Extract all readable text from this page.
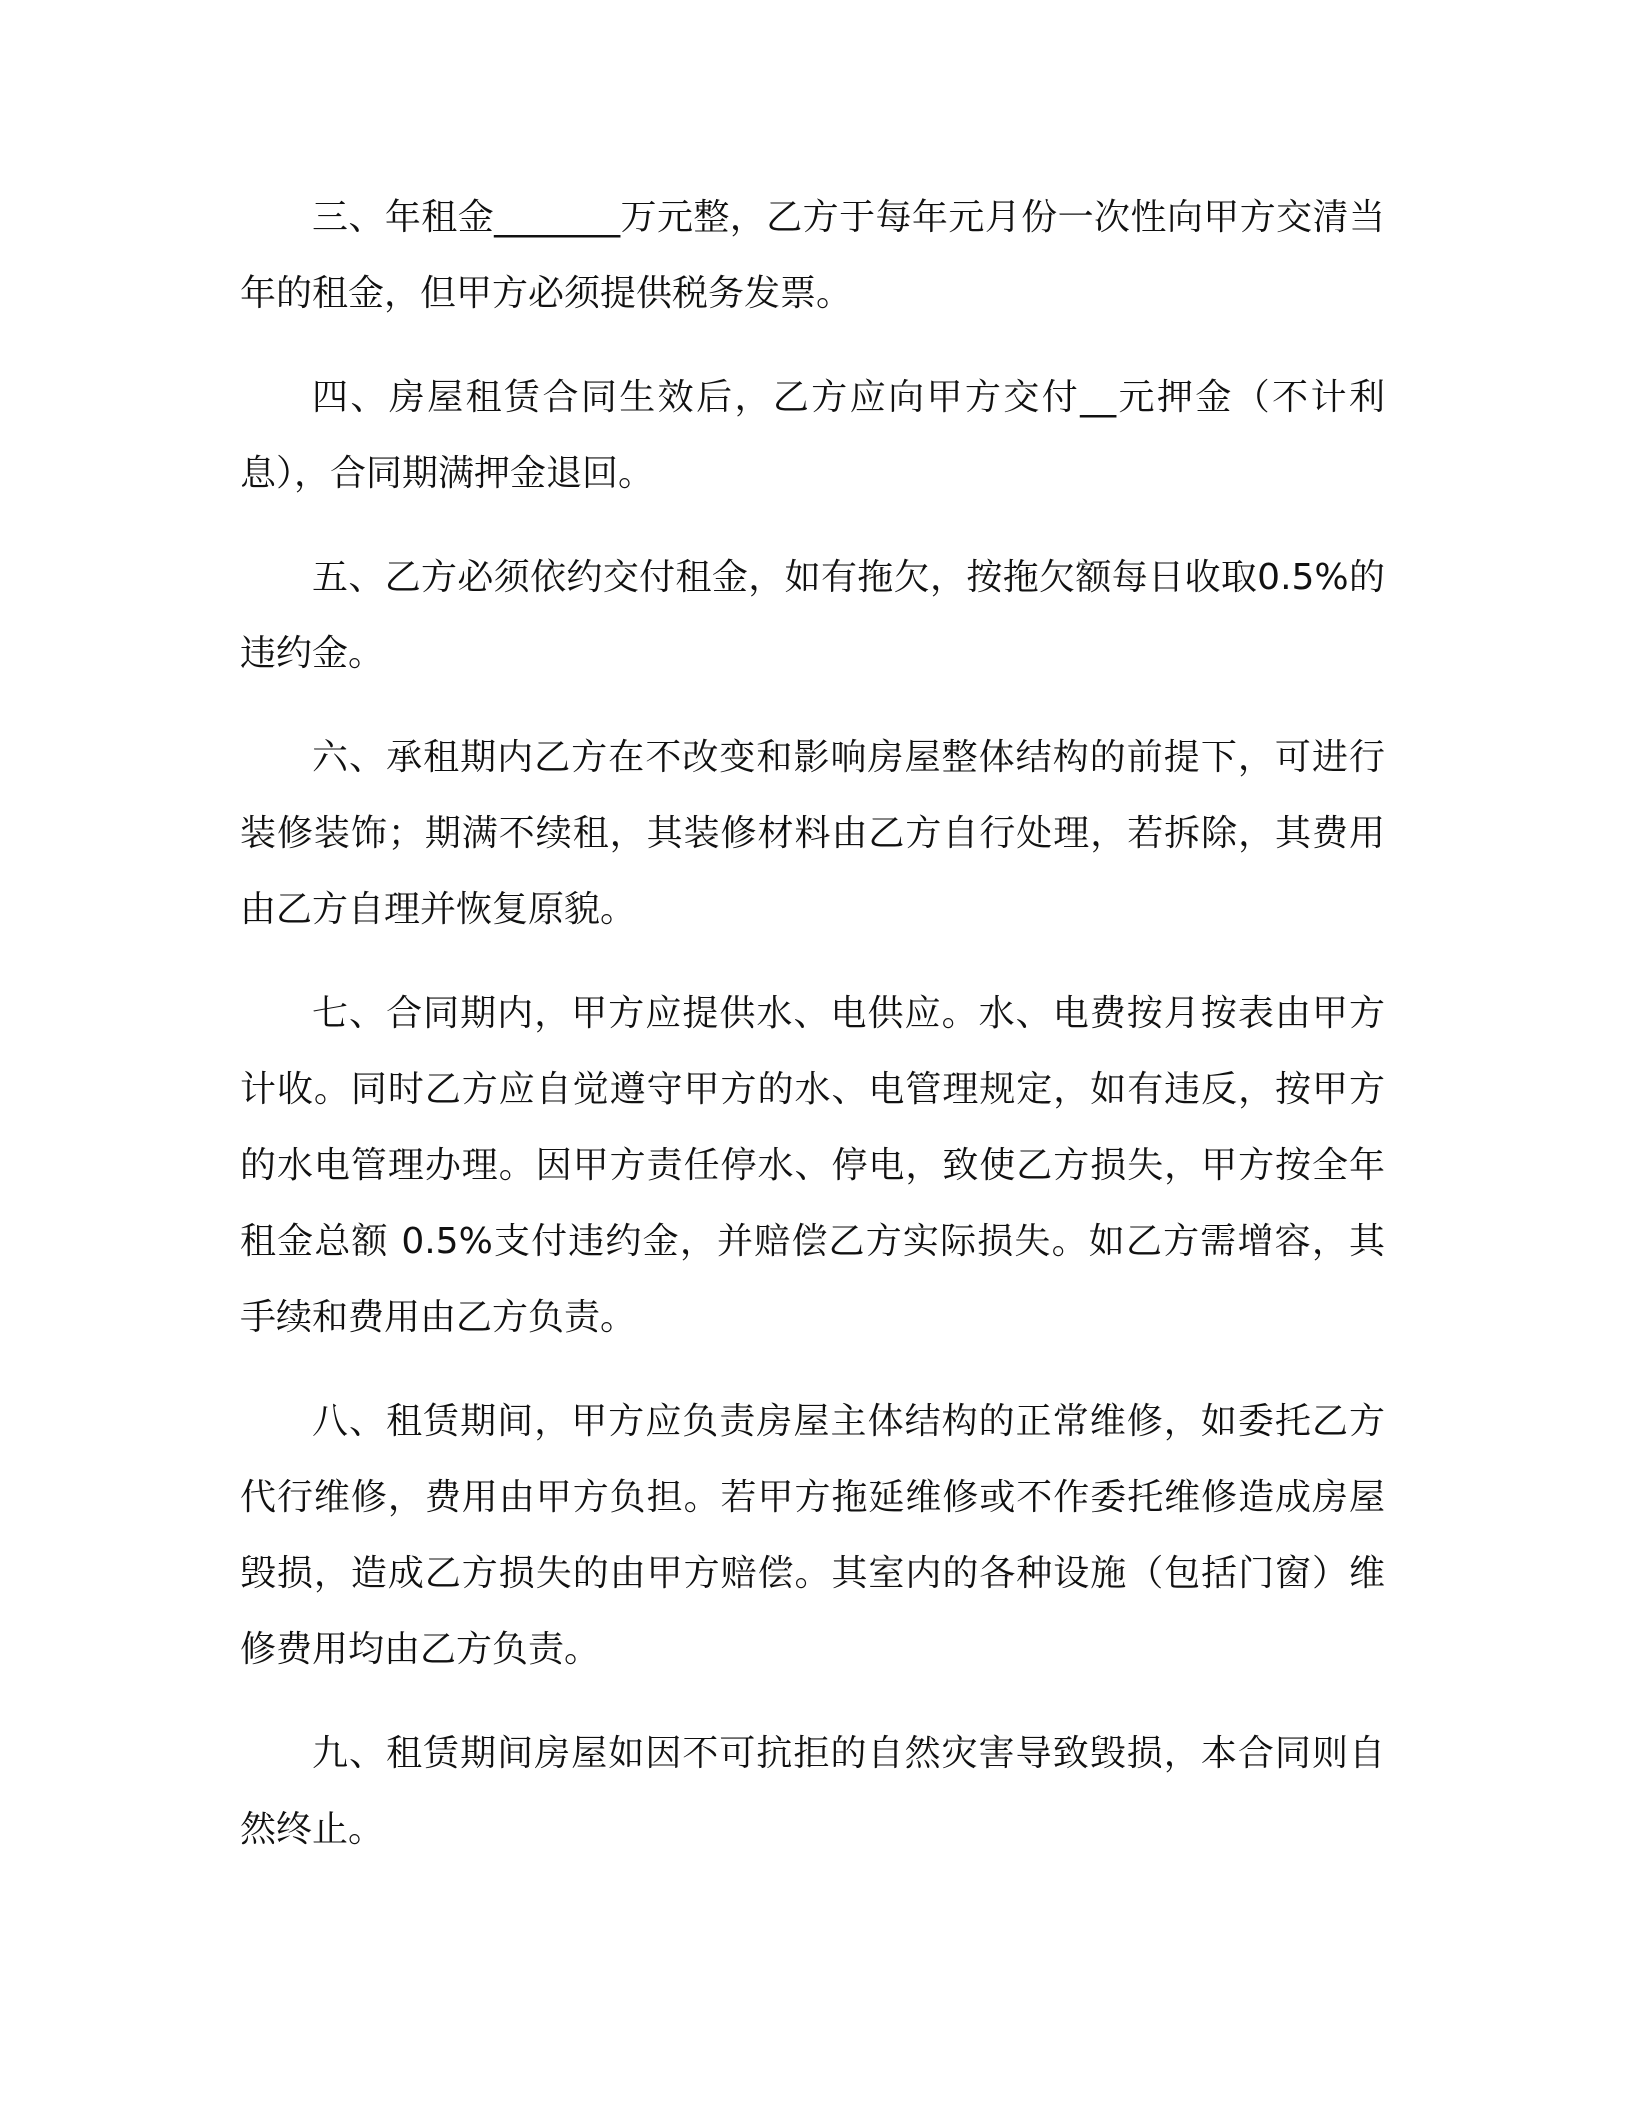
三、年租金_______万元整，乙方于每年元月份一次性向甲方交清当年的租金，但甲方必须提供税务发票。

四、房屋租赁合同生效后，乙方应向甲方交付__元押金（不计利息），合同期满押金退回。

五、乙方必须依约交付租金，如有拖欠，按拖欠额每日收取0.5%的违约金。

六、承租期内乙方在不改变和影响房屋整体结构的前提下，可进行装修装饰；期满不续租，其装修材料由乙方自行处理，若拆除，其费用由乙方自理并恢复原貌。

七、合同期内，甲方应提供水、电供应。水、电费按月按表由甲方计收。同时乙方应自觉遵守甲方的水、电管理规定，如有违反，按甲方的水电管理办理。因甲方责任停水、停电，致使乙方损失，甲方按全年租金总额 0.5%支付违约金，并赔偿乙方实际损失。如乙方需增容，其手续和费用由乙方负责。

八、租赁期间，甲方应负责房屋主体结构的正常维修，如委托乙方代行维修，费用由甲方负担。若甲方拖延维修或不作委托维修造成房屋毁损，造成乙方损失的由甲方赔偿。其室内的各种设施（包括门窗）维修费用均由乙方负责。

九、租赁期间房屋如因不可抗拒的自然灾害导致毁损，本合同则自然终止。
